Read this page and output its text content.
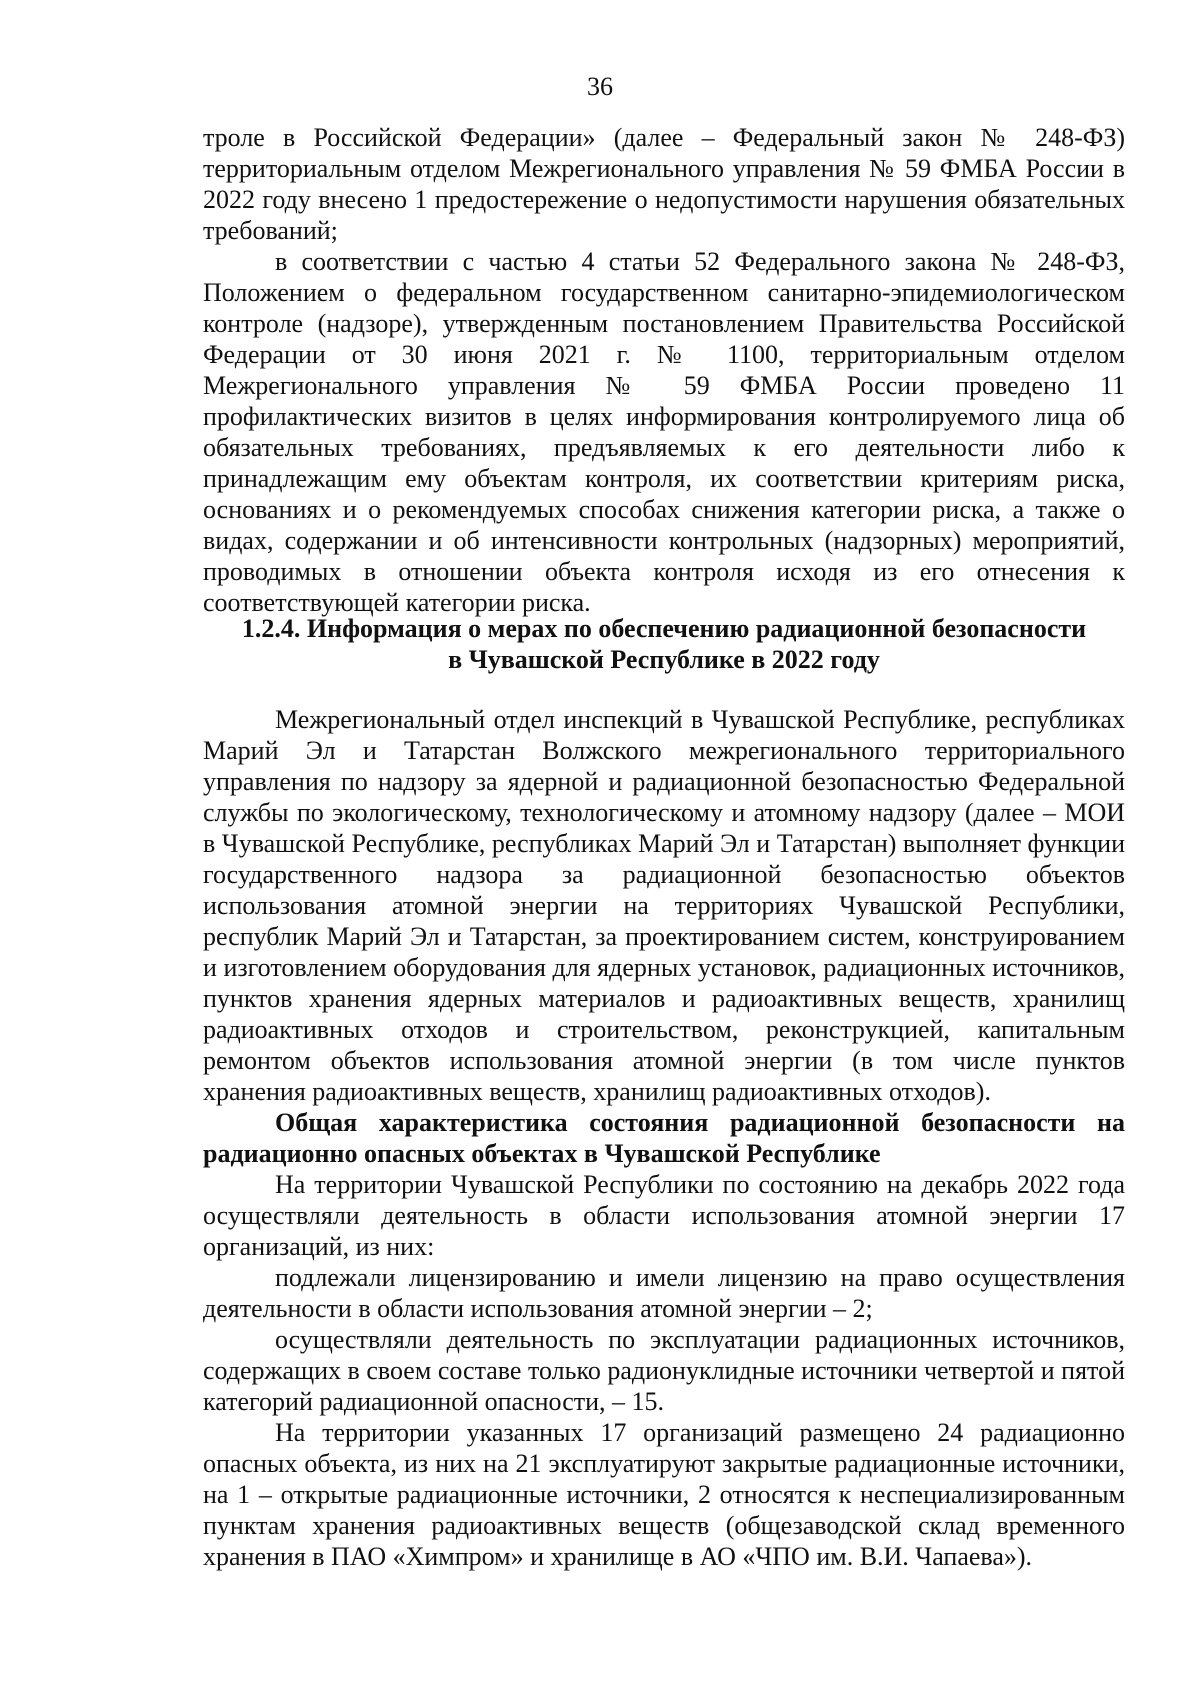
36

троле в Российской Федерации» (далее – Федеральный закон № 248-ФЗ) территориальным отделом Межрегионального управления № 59 ФМБА России в 2022 году внесено 1 предостережение о недопустимости нарушения обязательных требований;

в соответствии с частью 4 статьи 52 Федерального закона № 248-ФЗ, Положением о федеральном государственном санитарно-эпидемиологическом контроле (надзоре), утвержденным постановлением Правительства Российской Федерации от 30 июня 2021 г. № 1100, территориальным отделом Межрегионального управления № 59 ФМБА России проведено 11 профилактических визитов в целях информирования контролируемого лица об обязательных требованиях, предъявляемых к его деятельности либо к принадлежащим ему объектам контроля, их соответствии критериям риска, основаниях и о рекомендуемых способах снижения категории риска, а также о видах, содержании и об интенсивности контрольных (надзорных) мероприятий, проводимых в отношении объекта контроля исходя из его отнесения к соответствующей категории риска.

1.2.4. Информация о мерах по обеспечению радиационной безопасности
в Чувашской Республике в 2022 году

Межрегиональный отдел инспекций в Чувашской Республике, республиках Марий Эл и Татарстан Волжского межрегионального территориального управления по надзору за ядерной и радиационной безопасностью Федеральной службы по экологическому, технологическому и атомному надзору (далее – МОИ в Чувашской Республике, республиках Марий Эл и Татарстан) выполняет функции государственного надзора за радиационной безопасностью объектов использования атомной энергии на территориях Чувашской Республики, республик Марий Эл и Татарстан, за проектированием систем, конструированием и изготовлением оборудования для ядерных установок, радиационных источников, пунктов хранения ядерных материалов и радиоактивных веществ, хранилищ радиоактивных отходов и строительством, реконструкцией, капитальным ремонтом объектов использования атомной энергии (в том числе пунктов хранения радиоактивных веществ, хранилищ радиоактивных отходов).

Общая характеристика состояния радиационной безопасности на радиационно опасных объектах в Чувашской Республике

На территории Чувашской Республики по состоянию на декабрь 2022 года осуществляли деятельность в области использования атомной энергии 17 организаций, из них:

подлежали лицензированию и имели лицензию на право осуществления деятельности в области использования атомной энергии – 2;

осуществляли деятельность по эксплуатации радиационных источников, содержащих в своем составе только радионуклидные источники четвертой и пятой категорий радиационной опасности, – 15.

На территории указанных 17 организаций размещено 24 радиационно опасных объекта, из них на 21 эксплуатируют закрытые радиационные источники, на 1 – открытые радиационные источники, 2 относятся к неспециализированным пунктам хранения радиоактивных веществ (общезаводской склад временного хранения в ПАО «Химпром» и хранилище в АО «ЧПО им. В.И. Чапаева»).
